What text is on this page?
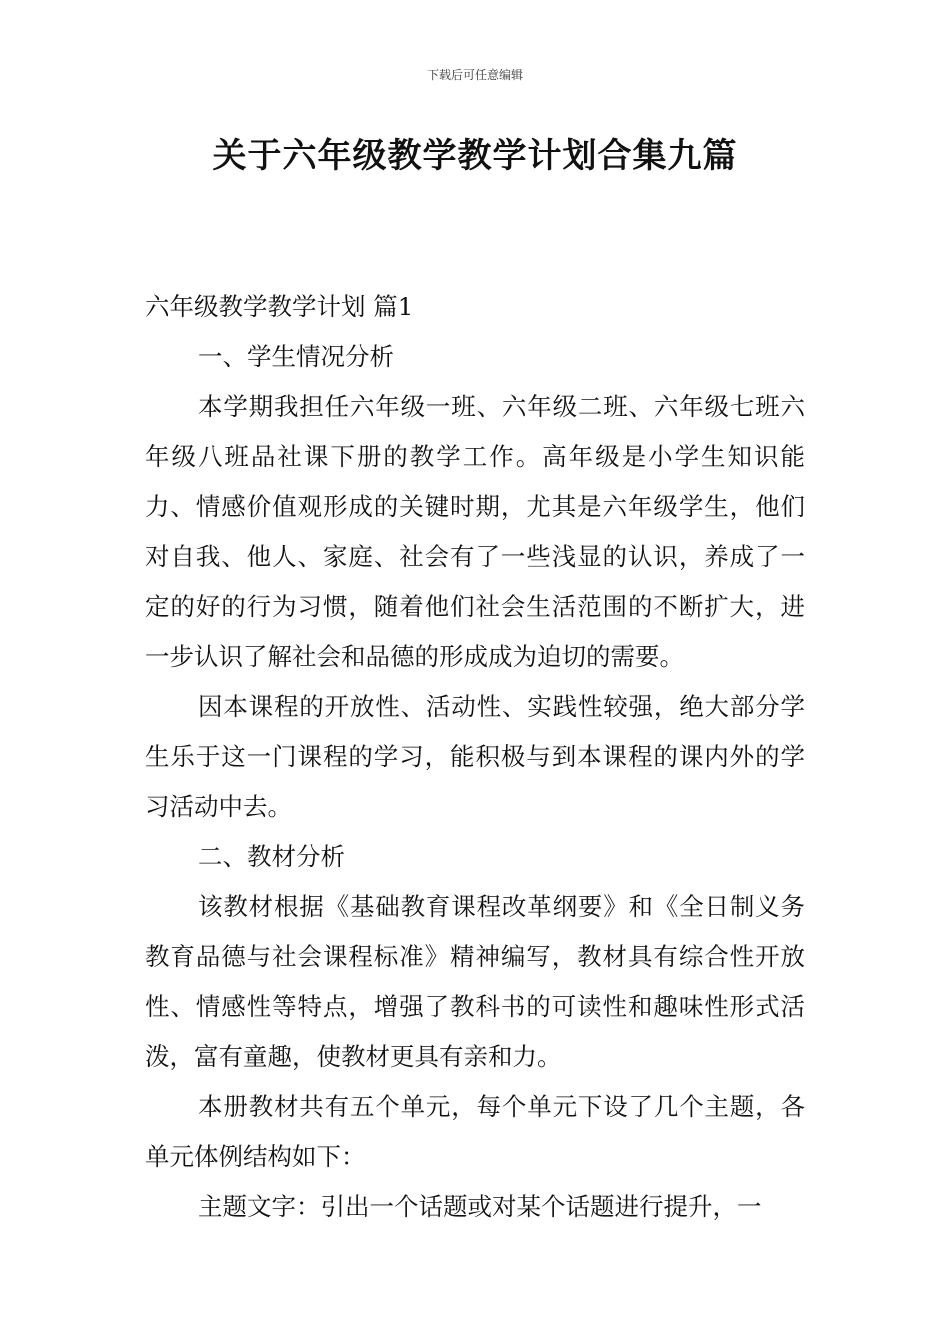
下载后可任意编辑
关于六年级教学教学计划合集九篇

六年级教学教学计划 篇1

一、学生情况分析

本学期我担任六年级一班、六年级二班、六年级七班六年级八班品社课下册的教学工作。高年级是小学生知识能力、情感价值观形成的关键时期，尤其是六年级学生，他们对自我、他人、家庭、社会有了一些浅显的认识，养成了一定的好的行为习惯，随着他们社会生活范围的不断扩大，进一步认识了解社会和品德的形成成为迫切的需要。

因本课程的开放性、活动性、实践性较强，绝大部分学生乐于这一门课程的学习，能积极与到本课程的课内外的学习活动中去。

二、教材分析

该教材根据《基础教育课程改革纲要》和《全日制义务教育品德与社会课程标准》精神编写，教材具有综合性开放性、情感性等特点，增强了教科书的可读性和趣味性形式活泼，富有童趣，使教材更具有亲和力。

本册教材共有五个单元，每个单元下设了几个主题，各单元体例结构如下：

主题文字：引出一个话题或对某个话题进行提升，一
